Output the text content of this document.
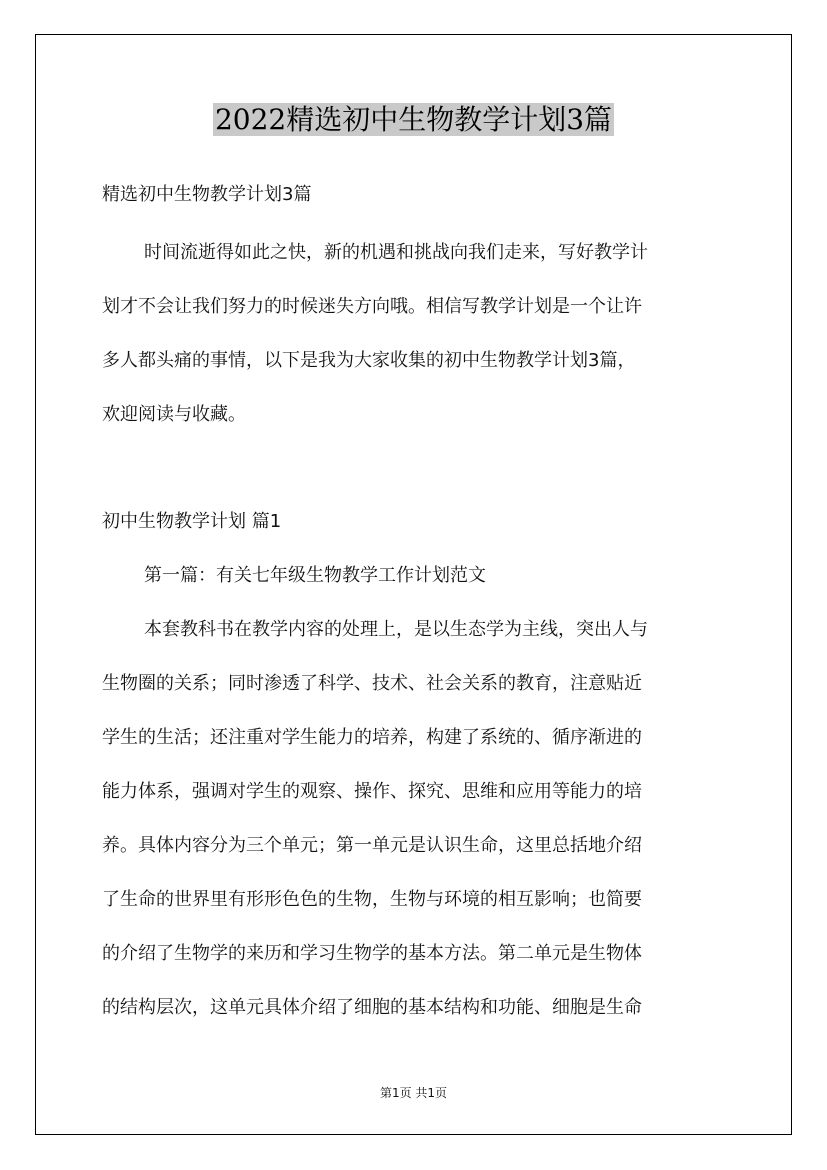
2022精选初中生物教学计划3篇
精选初中生物教学计划3篇
时间流逝得如此之快，新的机遇和挑战向我们走来，写好教学计
划才不会让我们努力的时候迷失方向哦。相信写教学计划是一个让许
多人都头痛的事情，以下是我为大家收集的初中生物教学计划3篇，
欢迎阅读与收藏。
初中生物教学计划 篇1
第一篇：有关七年级生物教学工作计划范文
本套教科书在教学内容的处理上，是以生态学为主线，突出人与
生物圈的关系；同时渗透了科学、技术、社会关系的教育，注意贴近
学生的生活；还注重对学生能力的培养，构建了系统的、循序渐进的
能力体系，强调对学生的观察、操作、探究、思维和应用等能力的培
养。具体内容分为三个单元；第一单元是认识生命，这里总括地介绍
了生命的世界里有形形色色的生物，生物与环境的相互影响；也简要
的介绍了生物学的来历和学习生物学的基本方法。第二单元是生物体
的结构层次，这单元具体介绍了细胞的基本结构和功能、细胞是生命
第1页 共1页
